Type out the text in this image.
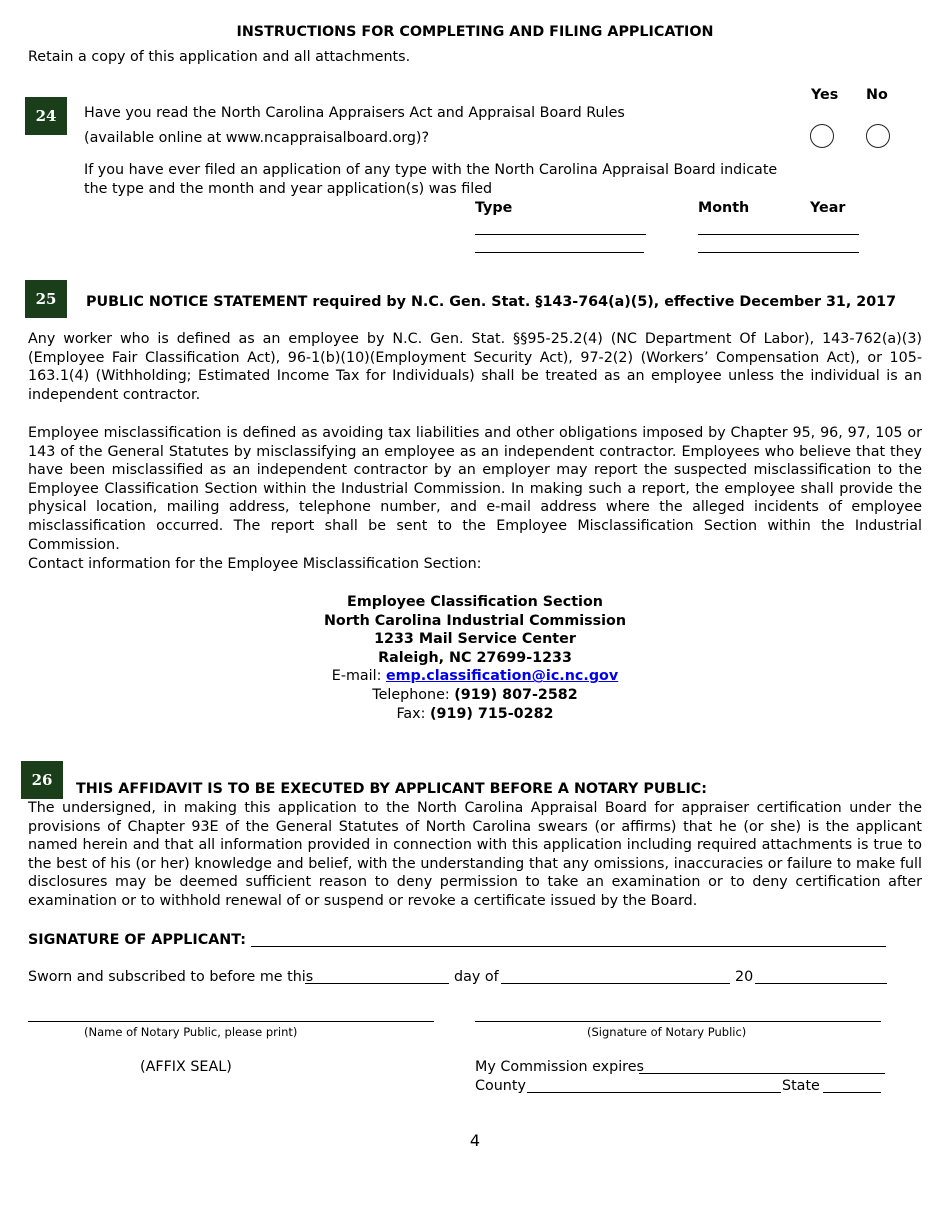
INSTRUCTIONS FOR COMPLETING AND FILING APPLICATION
Retain a copy of this application and all attachments.
24
Yes No
Have you read the North Carolina Appraisers Act and Appraisal Board Rules
(available online at www.ncappraisalboard.org)?
If you have ever filed an application of any type with the North Carolina Appraisal Board indicate
the type and the month and year application(s) was filed
Type	Month	Year
25	PUBLIC NOTICE STATEMENT required by N.C. Gen. Stat. §143-764(a)(5), effective December 31, 2017
Any worker who is defined as an employee by N.C. Gen. Stat. §§95-25.2(4) (NC Department Of Labor), 143-762(a)(3) (Employee Fair Classification Act), 96-1(b)(10)(Employment Security Act), 97-2(2) (Workers’ Compensation Act), or 105-163.1(4) (Withholding; Estimated Income Tax for Individuals) shall be treated as an employee unless the individual is an independent contractor.
Employee misclassification is defined as avoiding tax liabilities and other obligations imposed by Chapter 95, 96, 97, 105 or 143 of the General Statutes by misclassifying an employee as an independent contractor. Employees who believe that they have been misclassified as an independent contractor by an employer may report the suspected misclassification to the Employee Classification Section within the Industrial Commission. In making such a report, the employee shall provide the physical location, mailing address, telephone number, and e-mail address where the alleged incidents of employee misclassification occurred. The report shall be sent to the Employee Misclassification Section within the Industrial Commission.
Contact information for the Employee Misclassification Section:
Employee Classification Section
North Carolina Industrial Commission
1233 Mail Service Center
Raleigh, NC 27699-1233
E-mail: emp.classification@ic.nc.gov
Telephone: (919) 807-2582
Fax: (919) 715-0282
26
THIS AFFIDAVIT IS TO BE EXECUTED BY APPLICANT BEFORE A NOTARY PUBLIC:
The undersigned, in making this application to the North Carolina Appraisal Board for appraiser certification under the provisions of Chapter 93E of the General Statutes of North Carolina swears (or affirms) that he (or she) is the applicant named herein and that all information provided in connection with this application including required attachments is true to the best of his (or her) knowledge and belief, with the understanding that any omissions, inaccuracies or failure to make full disclosures may be deemed sufficient reason to deny permission to take an examination or to deny certification after examination or to withhold renewal of or suspend or revoke a certificate issued by the Board.
SIGNATURE OF APPLICANT:
Sworn and subscribed to before me this	day of	20
(Name of Notary Public, please print)	(Signature of Notary Public)
(AFFIX SEAL)	My Commission expires
County	State
4
